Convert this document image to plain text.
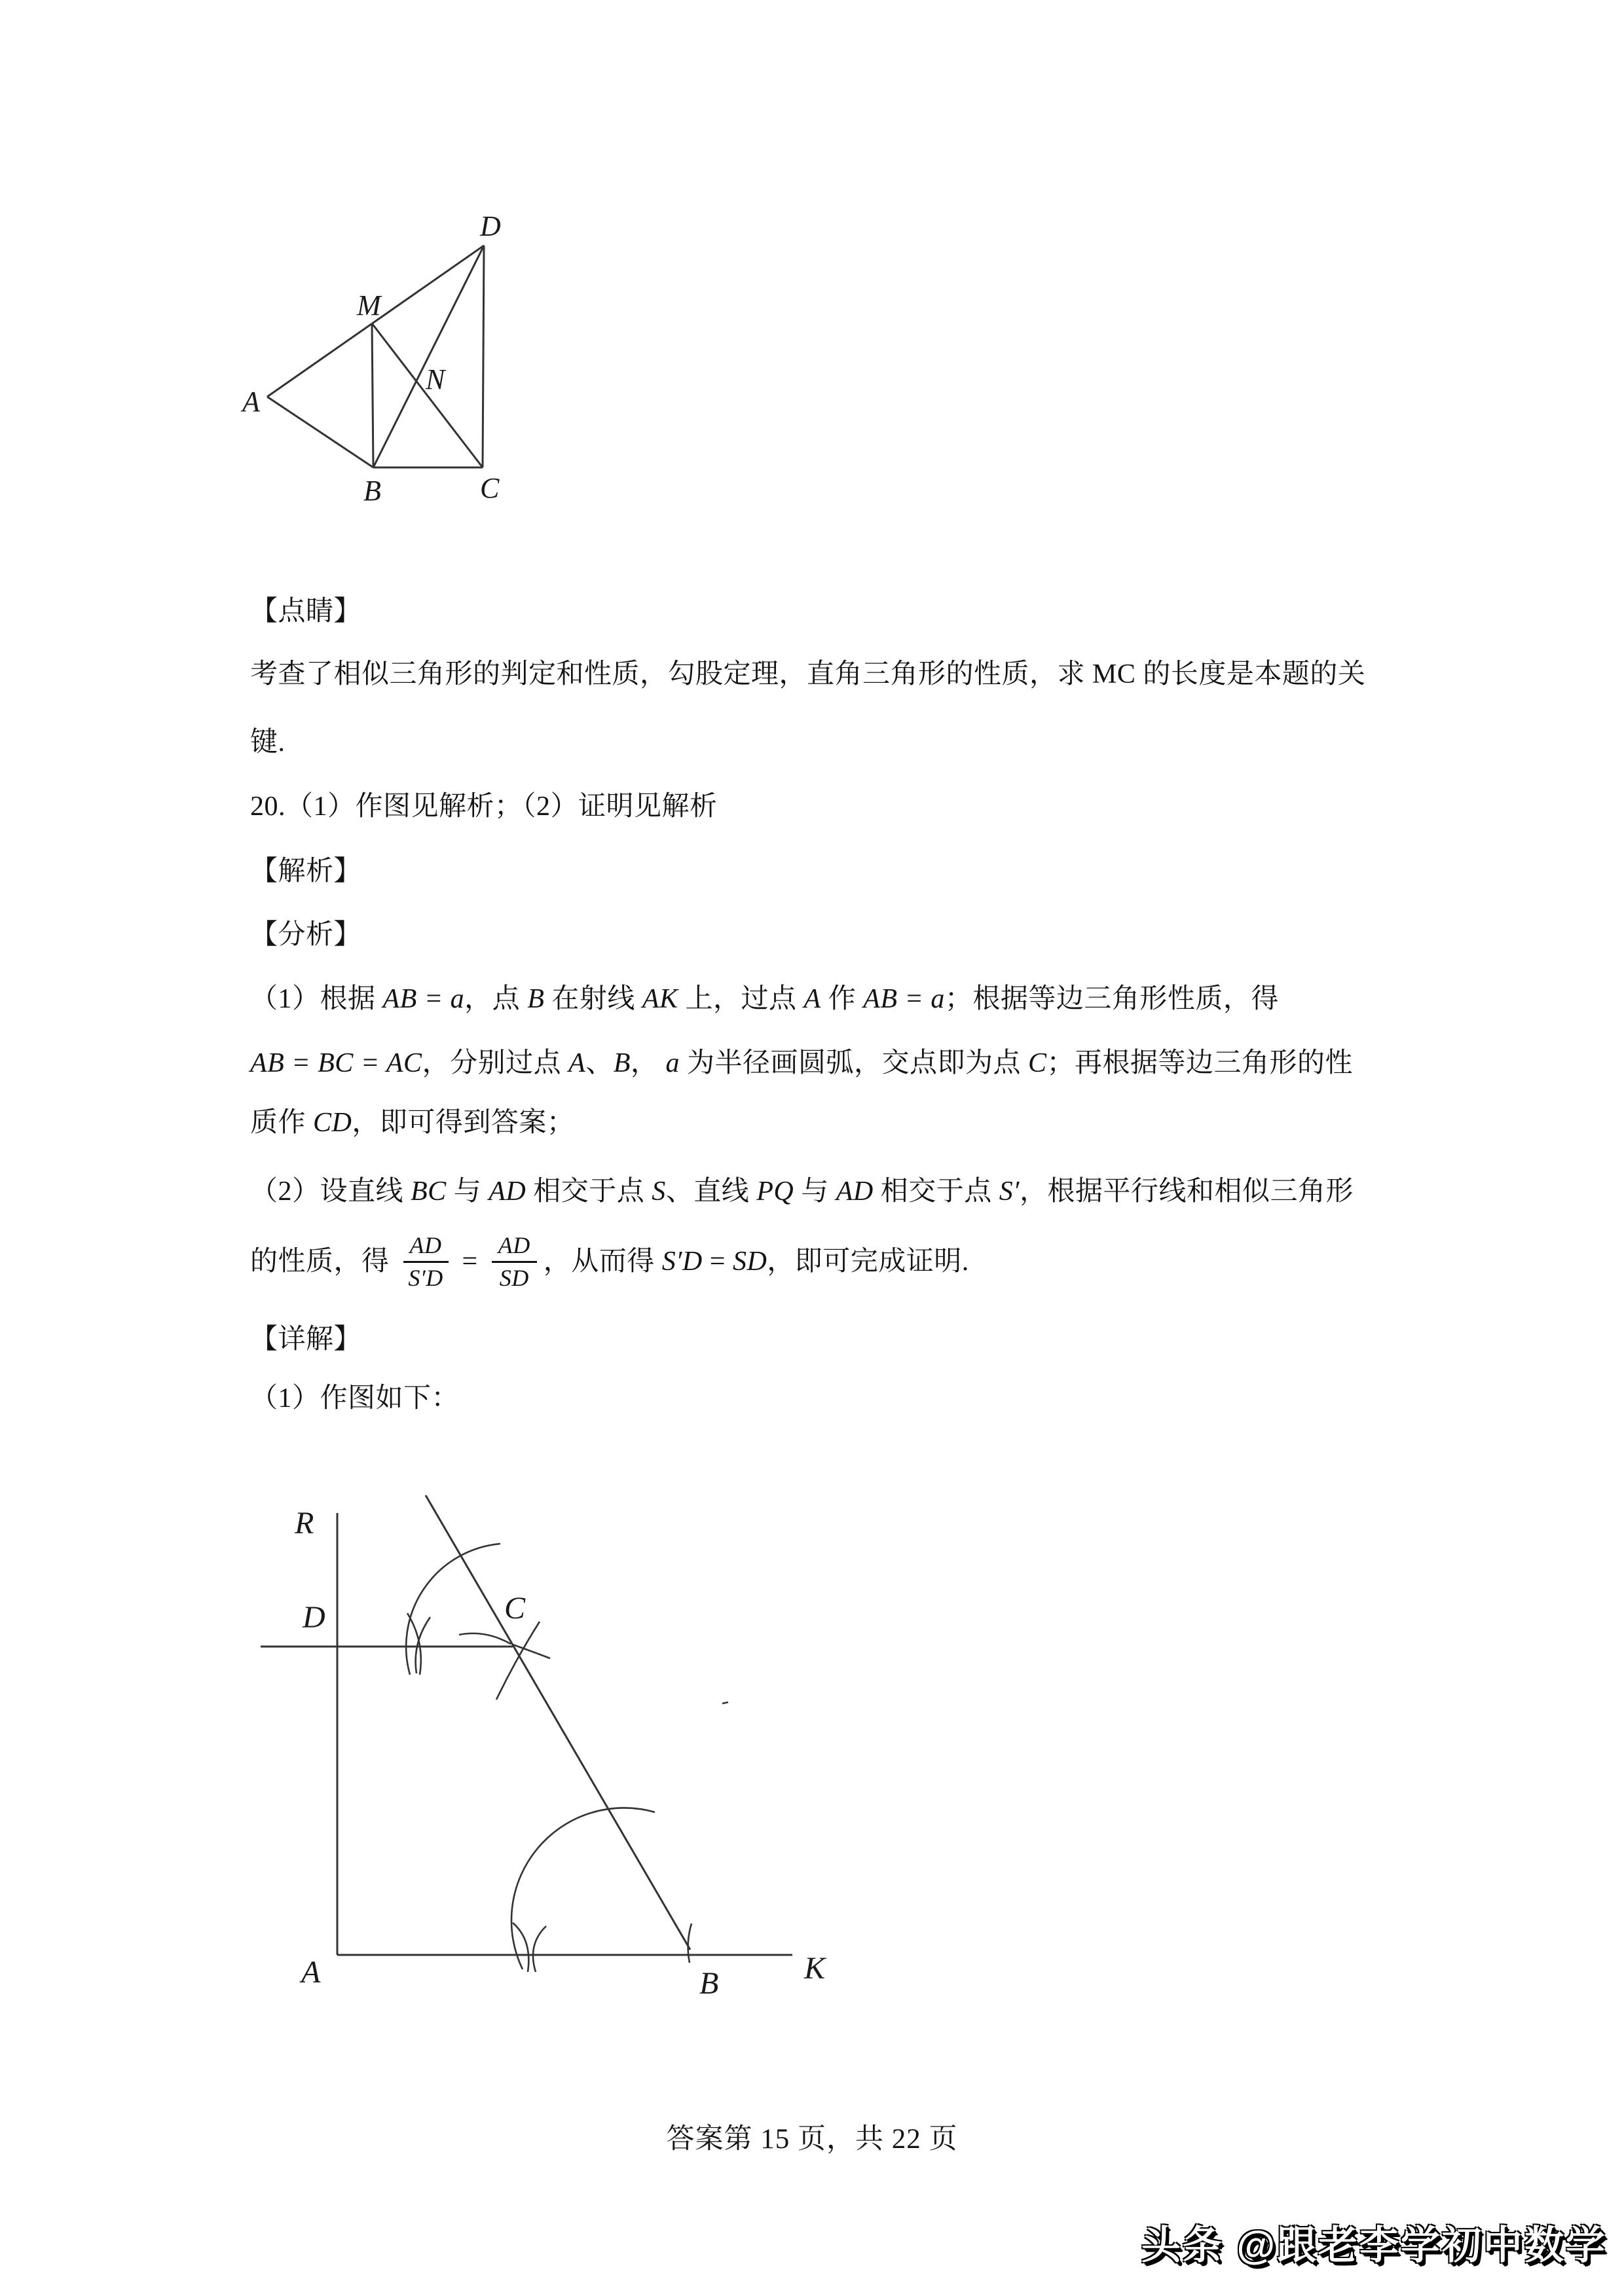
D
M
N
A
B	C
【点睛】
考查了相似三角形的判定和性质，勾股定理，直角三角形的性质，求 MC 的长度是本题的关
键.
20.（1）作图见解析；（2）证明见解析
【解析】
【分析】
（1）根据 AB = a，点 B 在射线 AK 上，过点 A 作 AB = a；根据等边三角形性质，得
AB = BC = AC，分别过点 A、B， a 为半径画圆弧，交点即为点 C；再根据等边三角形的性
质作 CD，即可得到答案；
（2）设直线 BC 与 AD 相交于点 S、直线 PQ 与 AD 相交于点 S′，根据平行线和相似三角形
的性质，得 $\frac{AD}{S'D} = \frac{AD}{SD}$ ，从而得 S′D = SD ，即可完成证明.
【详解】
（1）作图如下：
R
D	C
A	B	K
答案第 15 页，共 22 页
头条 @跟老李学初中数学
